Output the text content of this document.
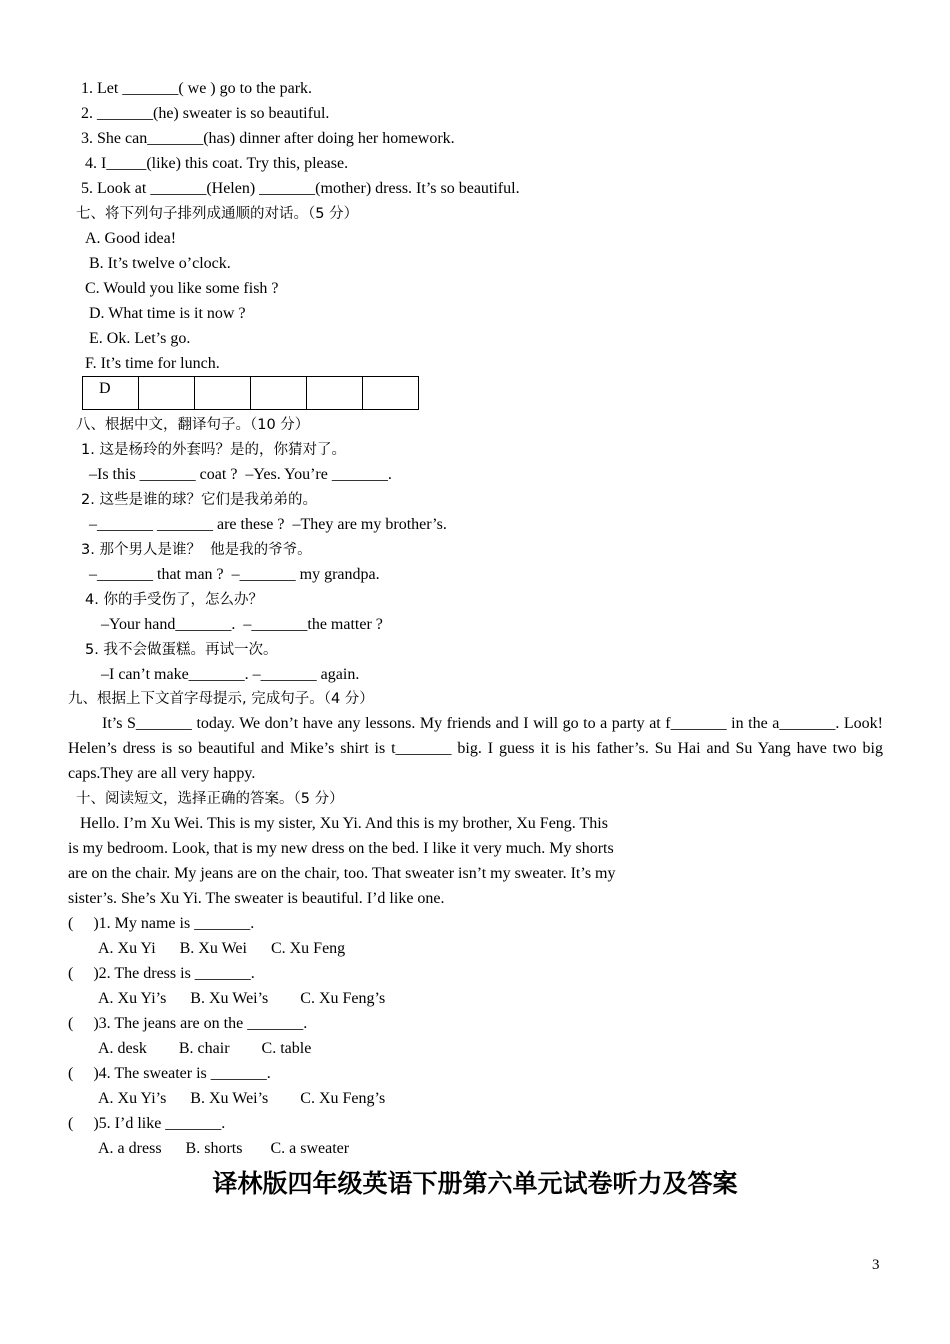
1. Let _______( we ) go to the park.
2. _______(he) sweater is so beautiful.
3. She can_______(has) dinner after doing her homework.
4. I_____(like) this coat. Try this, please.
5. Look at _______(Helen) _______(mother) dress. It’s so beautiful.
七、将下列句子排列成通顺的对话。（5 分）
A. Good idea!
B. It’s twelve o’clock.
C. Would you like some fish ?
D. What time is it now ?
E. Ok. Let’s go.
F. It’s time for lunch.
D					
八、根据中文，翻译句子。（10 分）
1. 这是杨玲的外套吗？是的，你猜对了。
–Is this _______ coat ?  –Yes. You’re _______.
2. 这些是谁的球？它们是我弟弟的。
–_______ _______ are these ?  –They are my brother’s.
3. 那个男人是谁？  他是我的爷爷。
–_______ that man ?  –_______ my grandpa.
4. 你的手受伤了，怎么办？
–Your hand_______.  –_______the matter ?
5. 我不会做蛋糕。再试一次。
–I can’t make_______. –_______ again.
九、根据上下文首字母提示, 完成句子。（4 分）
It’s S_______ today. We don’t have any lessons. My friends and I will go to a party at f_______ in the a_______. Look! Helen’s dress is so beautiful and Mike’s shirt is t_______ big. I guess it is his father’s. Su Hai and Su Yang have two big caps.They are all very happy.
十、阅读短文，选择正确的答案。（5 分）
Hello. I’m Xu Wei. This is my sister, Xu Yi. And this is my brother, Xu Feng. This
is my bedroom. Look, that is my new dress on the bed. I like it very much. My shorts
are on the chair. My jeans are on the chair, too. That sweater isn’t my sweater. It’s my
sister’s. She’s Xu Yi. The sweater is beautiful. I’d like one.
(     )1. My name is _______.
A. Xu Yi      B. Xu Wei      C. Xu Feng
(     )2. The dress is _______.
A. Xu Yi’s      B. Xu Wei’s        C. Xu Feng’s
(     )3. The jeans are on the _______.
A. desk        B. chair        C. table
(     )4. The sweater is _______.
A. Xu Yi’s      B. Xu Wei’s        C. Xu Feng’s
(     )5. I’d like _______.
A. a dress      B. shorts       C. a sweater
译林版四年级英语下册第六单元试卷听力及答案
3
